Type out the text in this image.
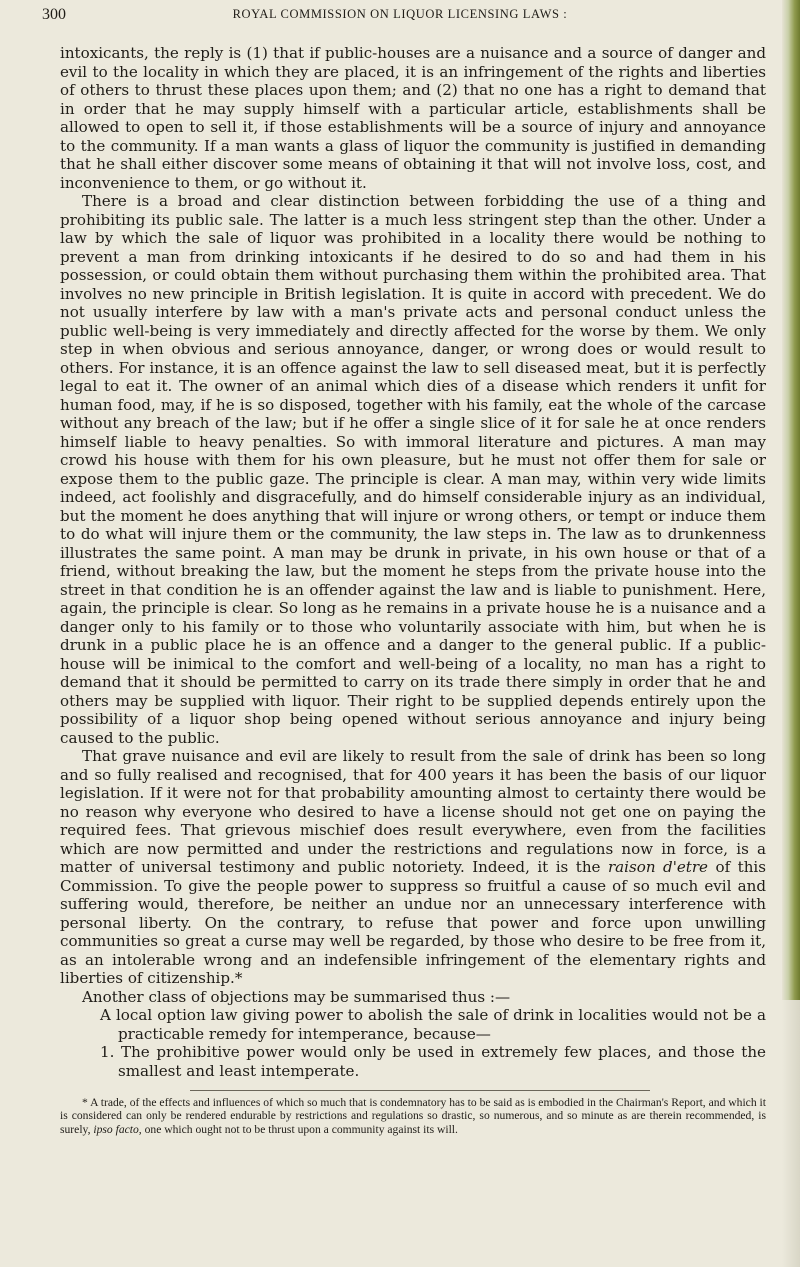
300	ROYAL COMMISSION ON LIQUOR LICENSING LAWS :

intoxicants, the reply is (1) that if public-houses are a nuisance and a source of danger and evil to the locality in which they are placed, it is an infringement of the rights and liberties of others to thrust these places upon them; and (2) that no one has a right to demand that in order that he may supply himself with a particular article, establishments shall be allowed to open to sell it, if those establishments will be a source of injury and annoyance to the community. If a man wants a glass of liquor the community is justified in demanding that he shall either discover some means of obtaining it that will not involve loss, cost, and inconvenience to them, or go without it.

There is a broad and clear distinction between forbidding the use of a thing and prohibiting its public sale. The latter is a much less stringent step than the other. Under a law by which the sale of liquor was prohibited in a locality there would be nothing to prevent a man from drinking intoxicants if he desired to do so and had them in his possession, or could obtain them without purchasing them within the prohibited area. That involves no new principle in British legislation. It is quite in accord with precedent. We do not usually interfere by law with a man's private acts and personal conduct unless the public well-being is very immediately and directly affected for the worse by them. We only step in when obvious and serious annoyance, danger, or wrong does or would result to others. For instance, it is an offence against the law to sell diseased meat, but it is perfectly legal to eat it. The owner of an animal which dies of a disease which renders it unfit for human food, may, if he is so disposed, together with his family, eat the whole of the carcase without any breach of the law; but if he offer a single slice of it for sale he at once renders himself liable to heavy penalties. So with immoral literature and pictures. A man may crowd his house with them for his own pleasure, but he must not offer them for sale or expose them to the public gaze. The principle is clear. A man may, within very wide limits indeed, act foolishly and disgracefully, and do himself considerable injury as an individual, but the moment he does anything that will injure or wrong others, or tempt or induce them to do what will injure them or the community, the law steps in. The law as to drunkenness illustrates the same point. A man may be drunk in private, in his own house or that of a friend, without breaking the law, but the moment he steps from the private house into the street in that condition he is an offender against the law and is liable to punishment. Here, again, the principle is clear. So long as he remains in a private house he is a nuisance and a danger only to his family or to those who voluntarily associate with him, but when he is drunk in a public place he is an offence and a danger to the general public. If a public-house will be inimical to the comfort and well-being of a locality, no man has a right to demand that it should be permitted to carry on its trade there simply in order that he and others may be supplied with liquor. Their right to be supplied depends entirely upon the possibility of a liquor shop being opened without serious annoyance and injury being caused to the public.

That grave nuisance and evil are likely to result from the sale of drink has been so long and so fully realised and recognised, that for 400 years it has been the basis of our liquor legislation. If it were not for that probability amounting almost to certainty there would be no reason why everyone who desired to have a license should not get one on paying the required fees. That grievous mischief does result everywhere, even from the facilities which are now permitted and under the restrictions and regulations now in force, is a matter of universal testimony and public notoriety. Indeed, it is the raison d'etre of this Commission. To give the people power to suppress so fruitful a cause of so much evil and suffering would, therefore, be neither an undue nor an unnecessary interference with personal liberty. On the contrary, to refuse that power and force upon unwilling communities so great a curse may well be regarded, by those who desire to be free from it, as an intolerable wrong and an indefensible infringement of the elementary rights and liberties of citizenship.*

Another class of objections may be summarised thus :—

A local option law giving power to abolish the sale of drink in localities would not be a practicable remedy for intemperance, because—

1. The prohibitive power would only be used in extremely few places, and those the smallest and least intemperate.

* A trade, of the effects and influences of which so much that is condemnatory has to be said as is embodied in the Chairman's Report, and which it is considered can only be rendered endurable by restrictions and regulations so drastic, so numerous, and so minute as are therein recommended, is surely, ipso facto, one which ought not to be thrust upon a community against its will.
